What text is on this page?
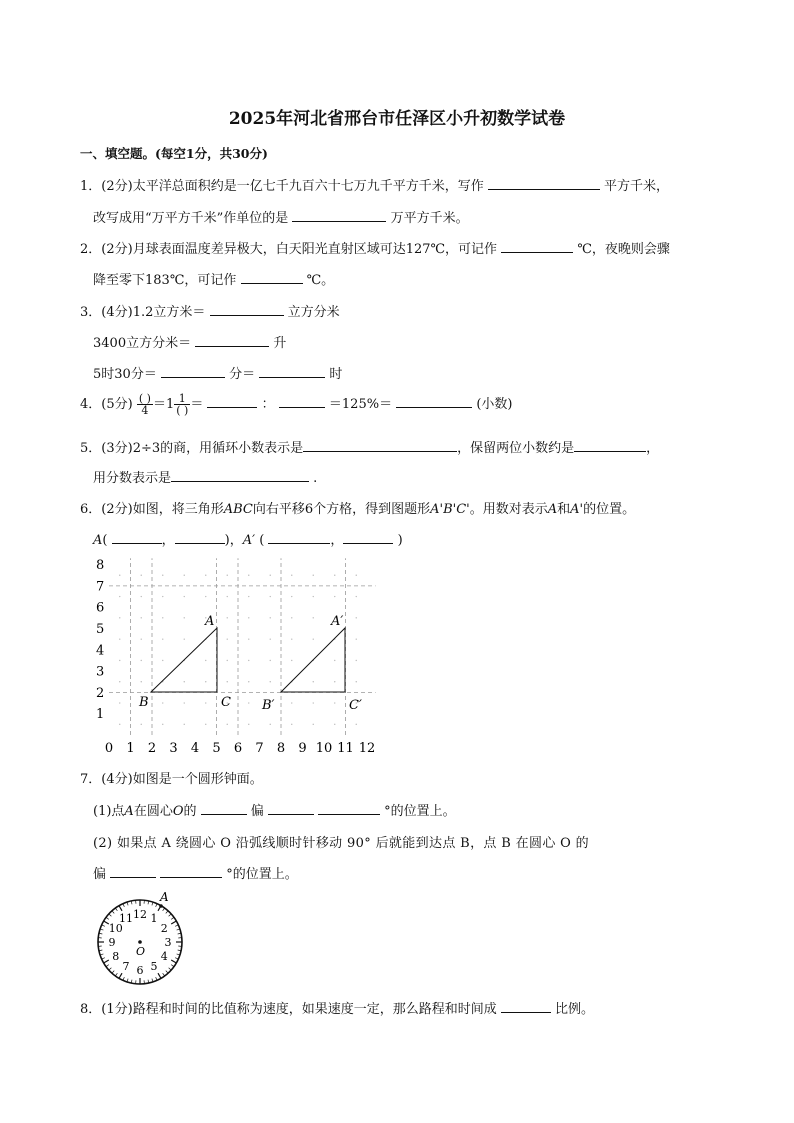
2025年河北省邢台市任泽区小升初数学试卷
一、填空题。(每空1分，共30分)
1．(2分)太平洋总面积约是一亿七千九百六十七万九千平方千米，写作	平方千米，
改写成用“万平方千米”作单位的是	万平方千米。
2．(2分)月球表面温度差异极大，白天阳光直射区域可达127℃，可记作	℃，夜晚则会骤
降至零下183℃，可记作	℃。
3．(4分)1.2立方米＝	立方分米
3400立方分米＝	升
5时30分＝	分＝	时
4．(5分) $\frac{( )}{4} =1 \frac{1}{( )}$ ＝	：	＝125%＝	(小数)
5．(3分)2÷3的商，用循环小数表示是	，保留两位小数约是	，
用分数表示是	.
6．(2分)如图，将三角形ABC向右平移6个方格，得到图题形A'B'C'。用数对表示A和A'的位置。
A(	，	)，A′ (	，	)
8
7
6
5
4
3
2
1
0 1 2 3 4 5 6 7 8 9 10 11 12
A
B	C
A′
B′	C′
7．(4分)如图是一个圆形钟面。
(1)点A在圆心O的	偏	°的位置上。
(2) 如果点 A 绕圆心 O 沿弧线顺时针移动 90° 后就能到达点 B，点 B 在圆心 O 的
偏	°的位置上。
12 1
2
3
4
5
6
7
8
9
10
11
A
O
8．(1分)路程和时间的比值称为速度，如果速度一定，那么路程和时间成	比例。
